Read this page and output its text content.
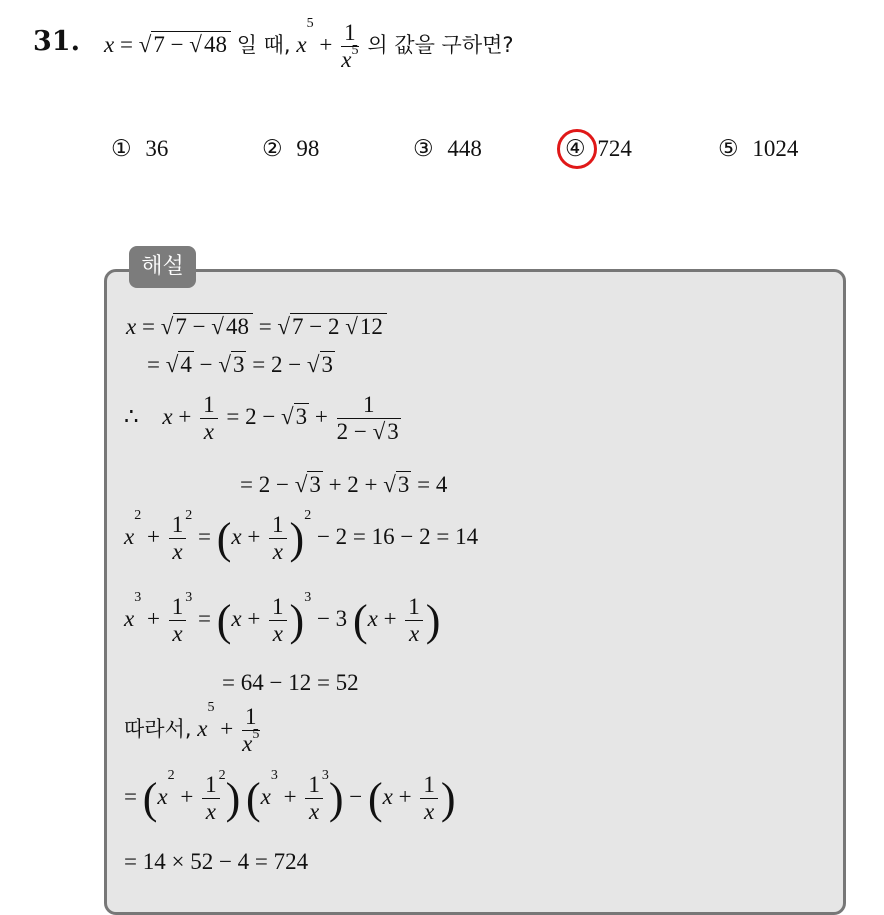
31. x = √7 − √48 일 때, $x^5 + \frac{1}{x^5}$ 의 값을 구하면?
① 36	② 98	③ 448	④ 724	⑤ 1024
해설
x = √7 − √48 = √7 − 2 √12
= √4 − √3 = 2 − √3
∴ $x + \frac{1}{x} = 2 - √3 + \frac{1}{2 - √3}$
= 2 − √3 + 2 + √3 = 4
$x^2 + \frac{1}{x} ^2 = (x + \frac{1}{x} )^2 - 2 = 16 - 2 = 14$
$x^3 + \frac{1}{x} ^3 = (x + \frac{1}{x} )^3 - 3$ ($x + \frac{1}{x}$ )
= 64 − 12 = 52
따라서, $x^5 + \frac{1}{x^5}$
= $(x^2 + \frac{1}{x} ^2) (x^3 + \frac{1}{x} ^3) - (x + \frac{1}{x}$ )
= 14 × 52 − 4 = 724
